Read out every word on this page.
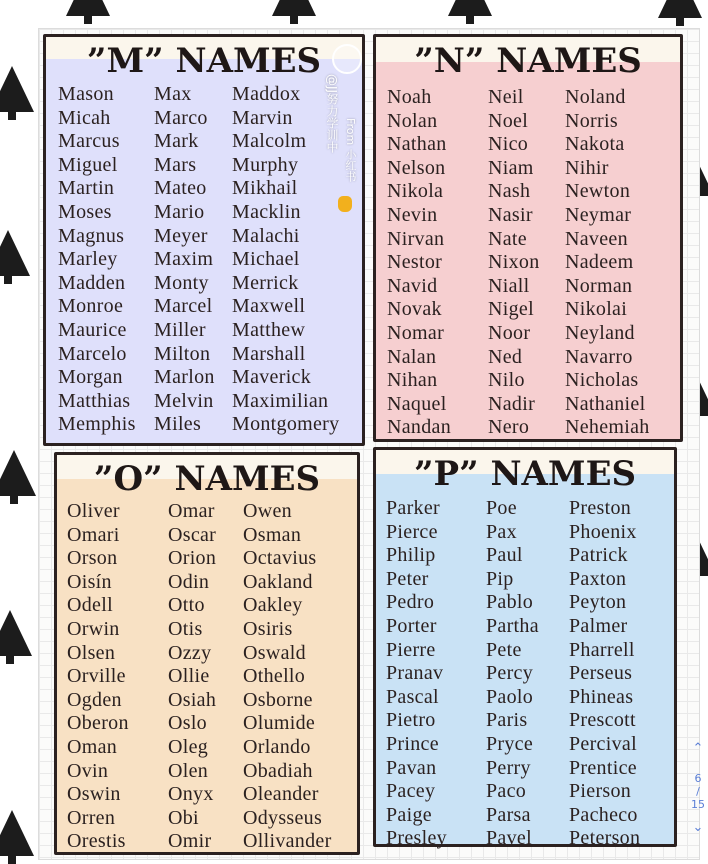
”M” NAMES
Mason
Micah
Marcus
Miguel
Martin
Moses
Magnus
Marley
Madden
Monroe
Maurice
Marcelo
Morgan
Matthias
Memphis
Max
Marco
Mark
Mars
Mateo
Mario
Meyer
Maxim
Monty
Marcel
Miller
Milton
Marlon
Melvin
Miles
Maddox
Marvin
Malcolm
Murphy
Mikhail
Macklin
Malachi
Michael
Merrick
Maxwell
Matthew
Marshall
Maverick
Maximilian
Montgomery
”N” NAMES
Noah
Nolan
Nathan
Nelson
Nikola
Nevin
Nirvan
Nestor
Navid
Novak
Nomar
Nalan
Nihan
Naquel
Nandan
Neil
Noel
Nico
Niam
Nash
Nasir
Nate
Nixon
Niall
Nigel
Noor
Ned
Nilo
Nadir
Nero
Noland
Norris
Nakota
Nihir
Newton
Neymar
Naveen
Nadeem
Norman
Nikolai
Neyland
Navarro
Nicholas
Nathaniel
Nehemiah
”O” NAMES
Oliver
Omari
Orson
Oisín
Odell
Orwin
Olsen
Orville
Ogden
Oberon
Oman
Ovin
Oswin
Orren
Orestis
Omar
Oscar
Orion
Odin
Otto
Otis
Ozzy
Ollie
Osiah
Oslo
Oleg
Olen
Onyx
Obi
Omir
Owen
Osman
Octavius
Oakland
Oakley
Osiris
Oswald
Othello
Osborne
Olumide
Orlando
Obadiah
Oleander
Odysseus
Ollivander
”P” NAMES
Parker
Pierce
Philip
Peter
Pedro
Porter
Pierre
Pranav
Pascal
Pietro
Prince
Pavan
Pacey
Paige
Presley
Poe
Pax
Paul
Pip
Pablo
Partha
Pete
Percy
Paolo
Paris
Pryce
Perry
Paco
Parsa
Pavel
Preston
Phoenix
Patrick
Paxton
Peyton
Palmer
Pharrell
Perseus
Phineas
Prescott
Percival
Prentice
Pierson
Pacheco
Peterson
@JJ努力学训中 From 小红书
⌃
6
/
15
⌄
